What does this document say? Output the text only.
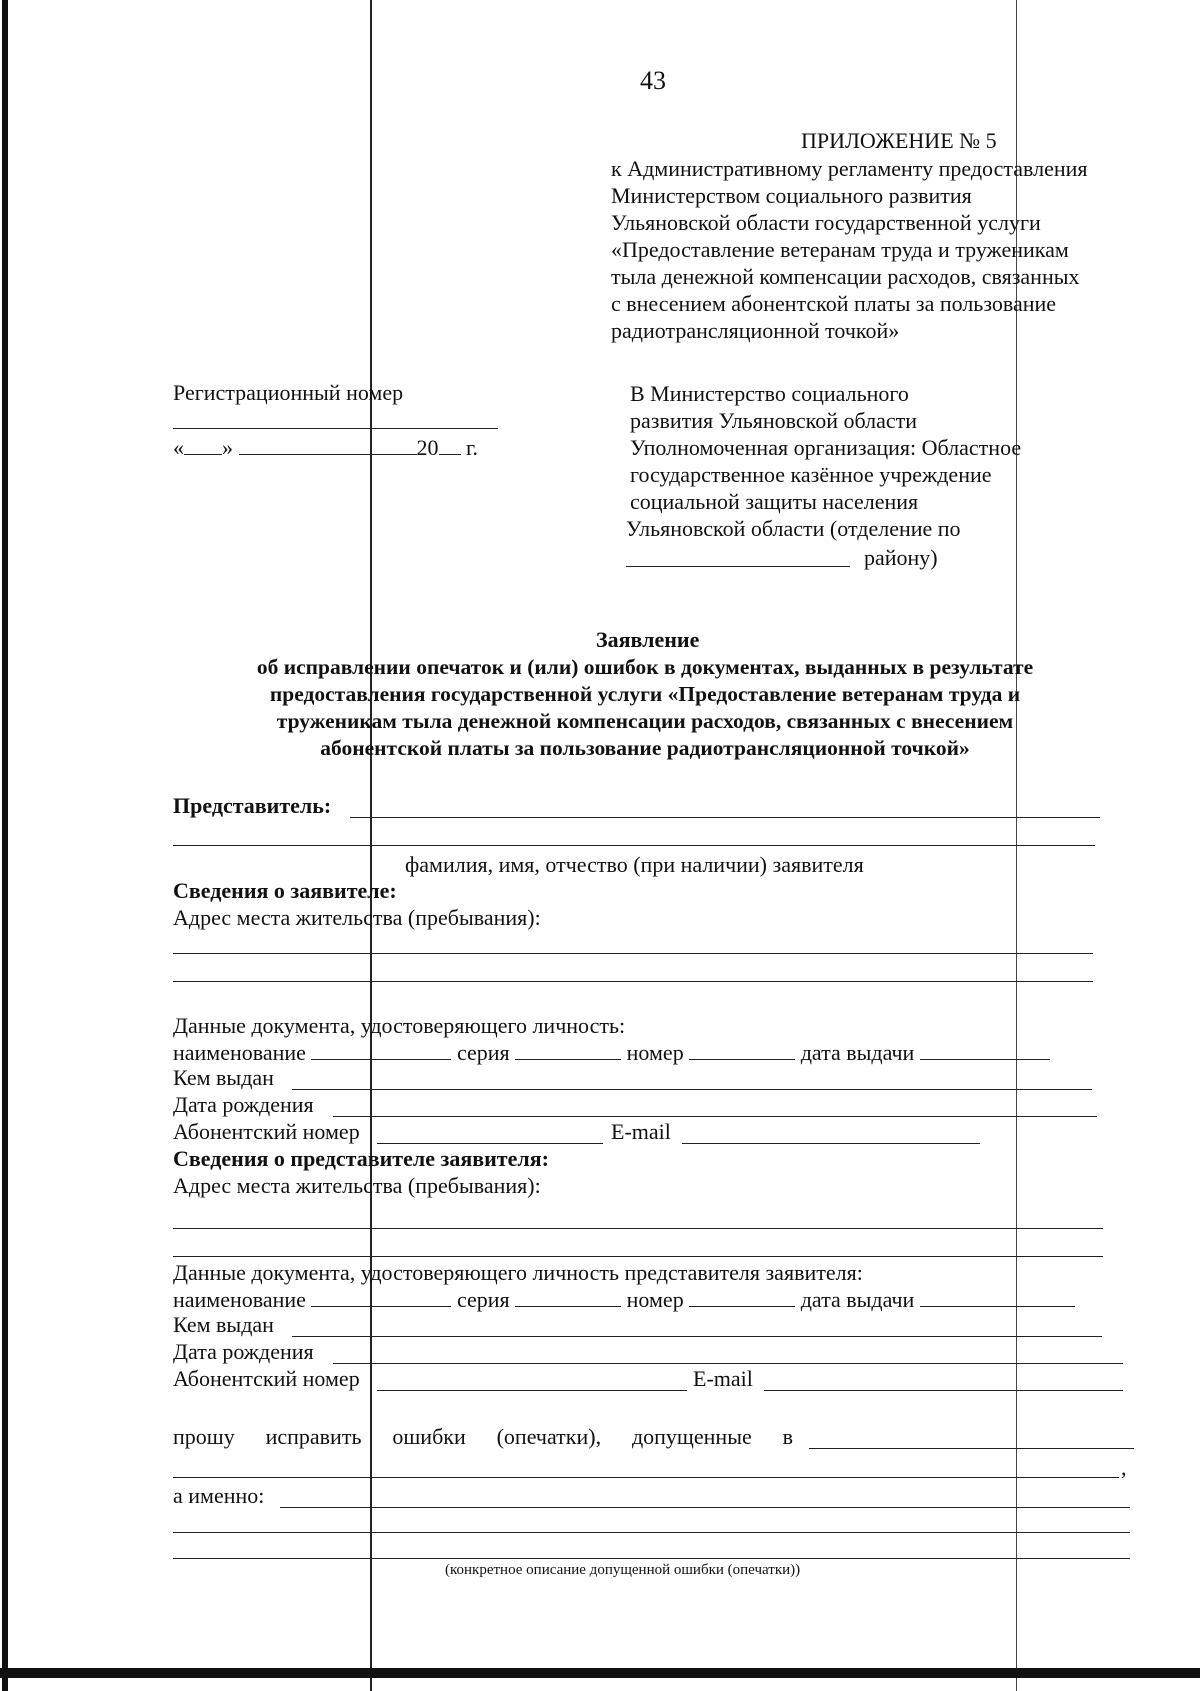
43
ПРИЛОЖЕНИЕ № 5
к Административному регламенту предоставления
Министерством социального развития
Ульяновской области государственной услуги
«Предоставление ветеранам труда и труженикам
тыла денежной компенсации расходов, связанных
с внесением абонентской платы за пользование
радиотрансляционной точкой»
Регистрационный номер
« »	20 г.
В Министерство социального
развития Ульяновской области
Уполномоченная организация: Областное
государственное казённое учреждение
социальной защиты населения
Ульяновской области (отделение по
району)
Заявление
об исправлении опечаток и (или) ошибок в документах, выданных в результате
предоставления государственной услуги «Предоставление ветеранам труда и
труженикам тыла денежной компенсации расходов, связанных с внесением
абонентской платы за пользование радиотрансляционной точкой»
Представитель:
фамилия, имя, отчество (при наличии) заявителя
Сведения о заявителе:
Адрес места жительства (пребывания):
Данные документа, удостоверяющего личность:
наименование	серия	номер	дата выдачи
Кем выдан
Дата рождения
Абонентский номер	E-mail
Сведения о представителе заявителя:
Адрес места жительства (пребывания):
Данные документа, удостоверяющего личность представителя заявителя:
наименование	серия	номер	дата выдачи
Кем выдан
Дата рождения
Абонентский номер	E-mail
прошу исправить ошибки (опечатки), допущенные в
,
а именно:
(конкретное описание допущенной ошибки (опечатки))
